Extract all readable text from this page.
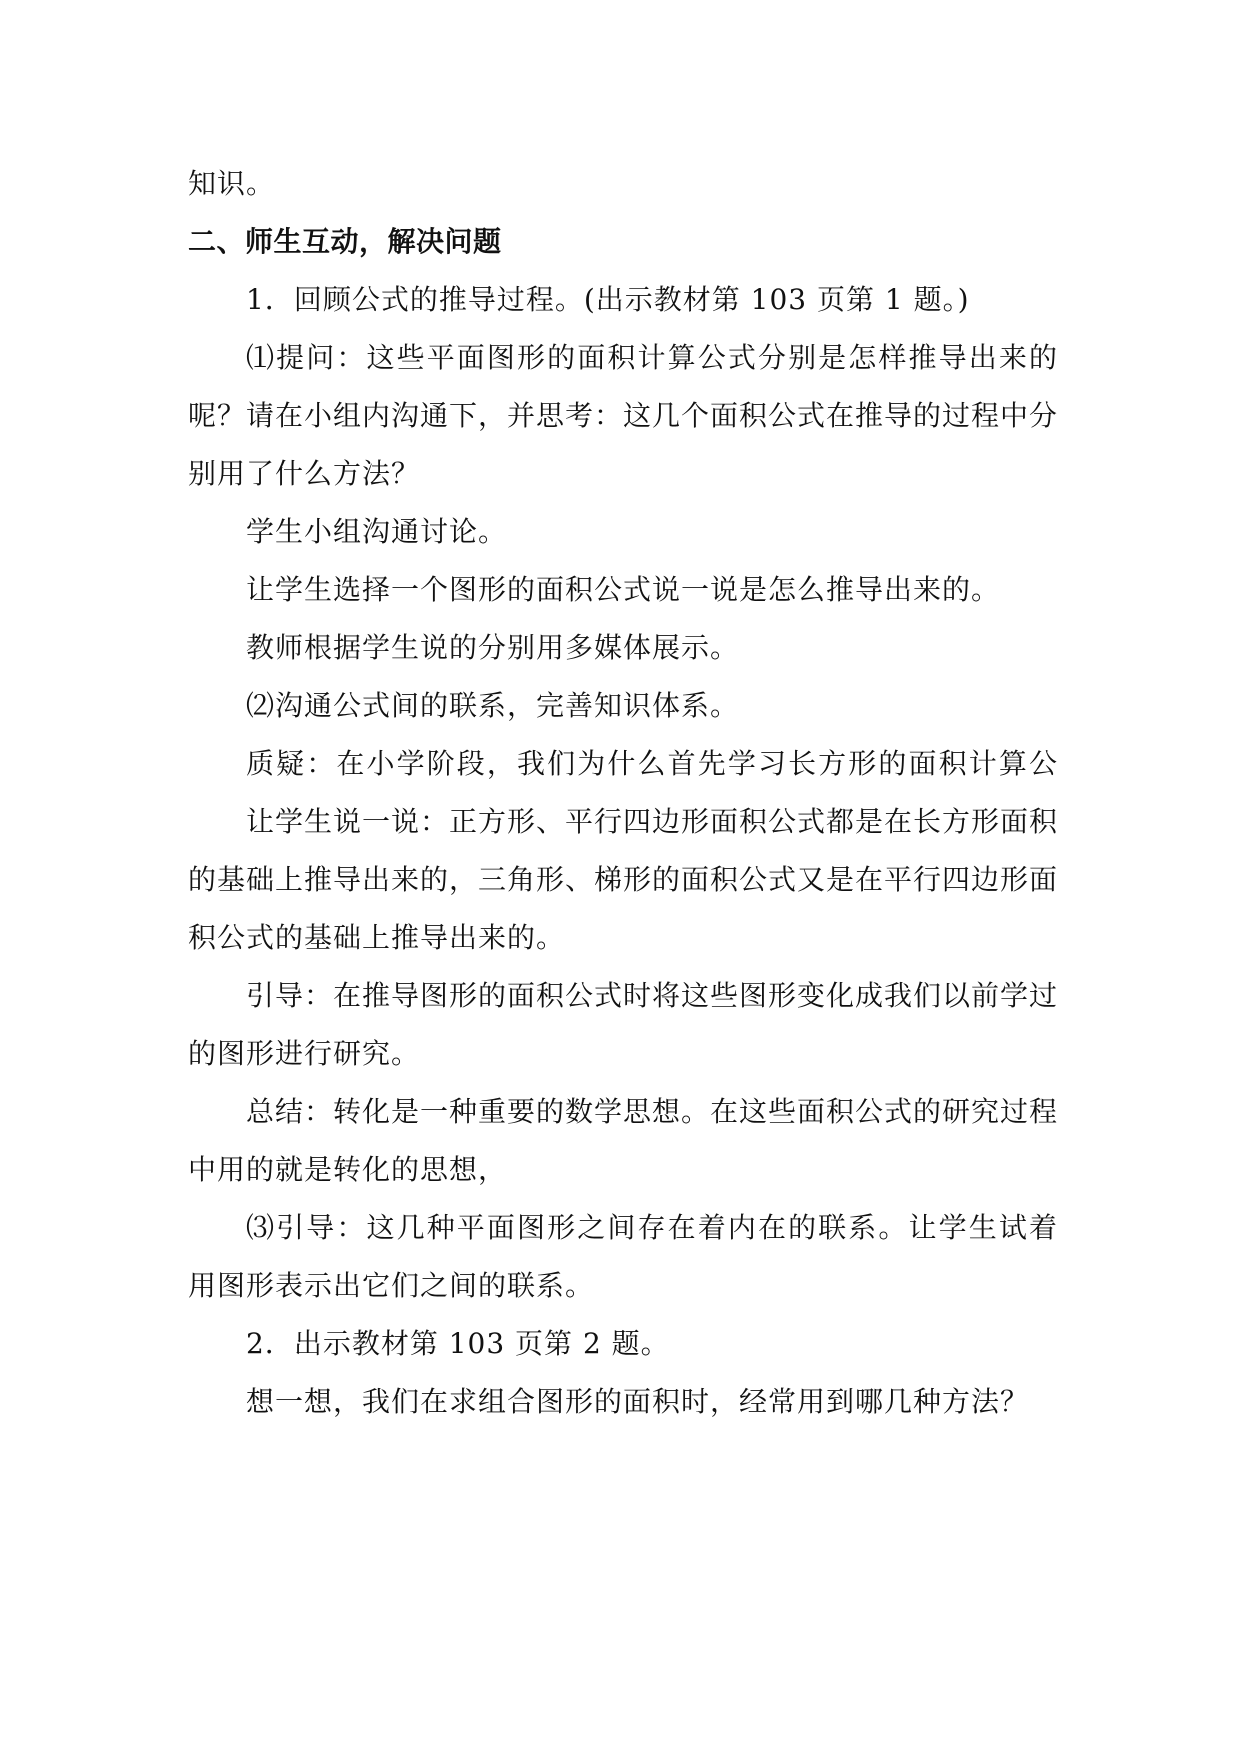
知识。
二、师生互动，解决问题
1．回顾公式的推导过程。(出示教材第 103 页第 1 题。)
⑴提问：这些平面图形的面积计算公式分别是怎样推导出来的
呢？请在小组内沟通下，并思考：这几个面积公式在推导的过程中分
别用了什么方法？
学生小组沟通讨论。
让学生选择一个图形的面积公式说一说是怎么推导出来的。
教师根据学生说的分别用多媒体展示。
⑵沟通公式间的联系，完善知识体系。
质疑：在小学阶段，我们为什么首先学习长方形的面积计算公
让学生说一说：正方形、平行四边形面积公式都是在长方形面积
的基础上推导出来的，三角形、梯形的面积公式又是在平行四边形面
积公式的基础上推导出来的。
引导：在推导图形的面积公式时将这些图形变化成我们以前学过
的图形进行研究。
总结：转化是一种重要的数学思想。在这些面积公式的研究过程
中用的就是转化的思想，
⑶引导：这几种平面图形之间存在着内在的联系。让学生试着
用图形表示出它们之间的联系。
2．出示教材第 103 页第 2 题。
想一想，我们在求组合图形的面积时，经常用到哪几种方法？
